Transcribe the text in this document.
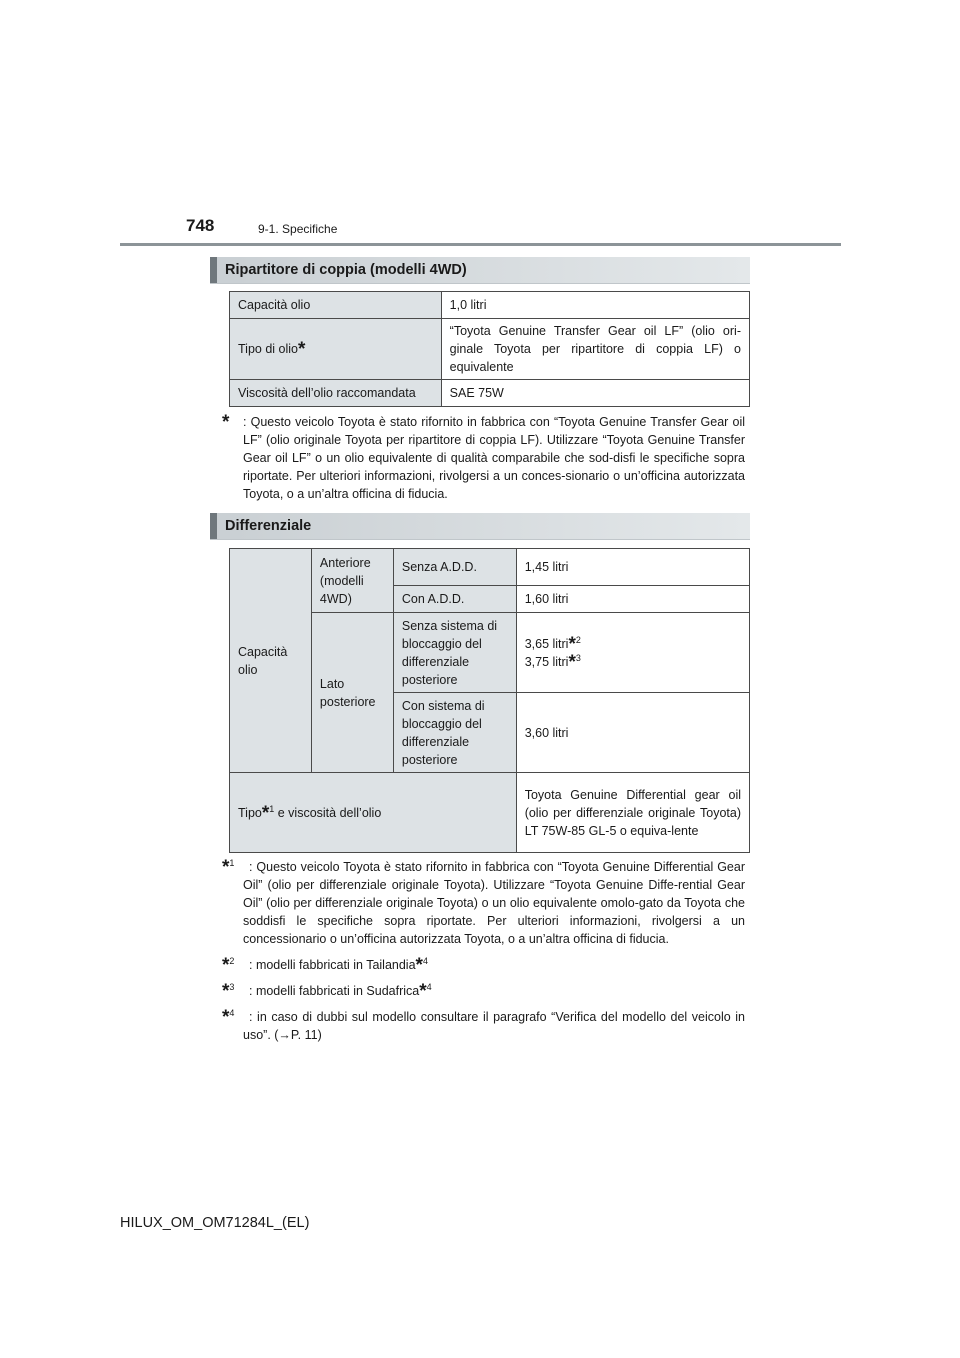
748	9-1. Specifiche
Ripartitore di coppia (modelli 4WD)
Capacità olio	1,0 litri
Tipo di olio*	“Toyota Genuine Transfer Gear oil LF” (olio ori-ginale Toyota per ripartitore di coppia LF) o equivalente
Viscosità dell’olio raccomandata	SAE 75W
* : Questo veicolo Toyota è stato rifornito in fabbrica con “Toyota Genuine Transfer Gear oil LF” (olio originale Toyota per ripartitore di coppia LF). Utilizzare “Toyota Genuine Transfer Gear oil LF” o un olio equivalente di qualità comparabile che sod-disfi le specifiche sopra riportate. Per ulteriori informazioni, rivolgersi a un conces-sionario o un’officina autorizzata Toyota, o a un’altra officina di fiducia.
Differenziale
Capacità olio	Anteriore (modelli 4WD)	Senza A.D.D.	1,45 litri
		Con A.D.D.	1,60 litri
	Lato posteriore	Senza sistema di bloccaggio del differenziale posteriore	3,65 litri*$^2$
3,75 litri*$^3$

		Con sistema di bloccaggio del differenziale posteriore	3,60 litri
Tipo*$^1$ e viscosità dell’olio			Toyota Genuine Differential gear oil (olio per differenziale originale Toyota) LT 75W-85 GL-5 o equiva-lente
*$^1$ : Questo veicolo Toyota è stato rifornito in fabbrica con “Toyota Genuine Differential Gear Oil” (olio per differenziale originale Toyota). Utilizzare “Toyota Genuine Diffe-rential Gear Oil” (olio per differenziale originale Toyota) o un olio equivalente omolo-gato da Toyota che soddisfi le specifiche sopra riportate. Per ulteriori informazioni, rivolgersi a un concessionario o un’officina autorizzata Toyota, o a un’altra officina di fiducia.
*$^2$ : modelli fabbricati in Tailandia*$^4$
*$^3$ : modelli fabbricati in Sudafrica*$^4$
*$^4$ : in caso di dubbi sul modello consultare il paragrafo “Verifica del modello del veicolo in uso”. (→P. 11)
HILUX_OM_OM71284L_(EL)
